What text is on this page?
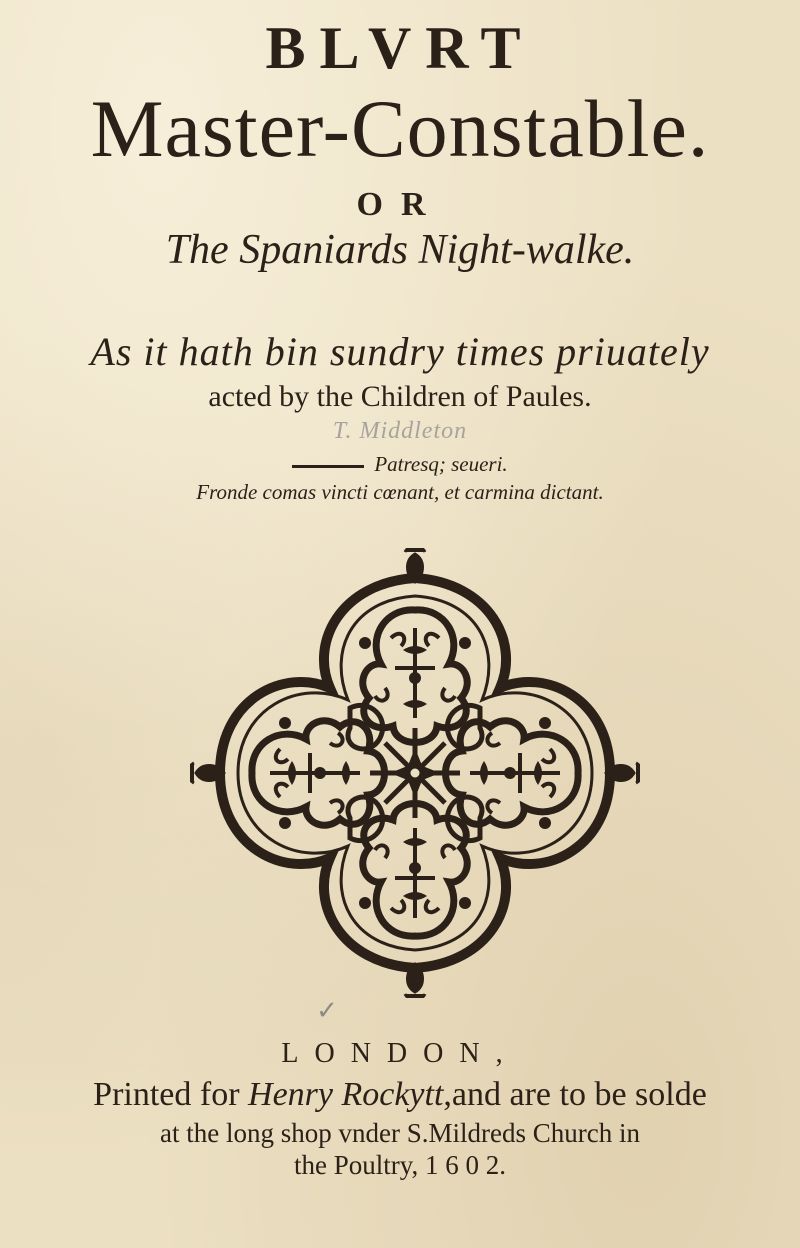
BLVRT
Master-Constable.
OR
The Spaniards Night-walke.
As it hath bin sundry times priuately
acted by the Children of Paules.
T. Middleton
Patresq; seueri.
Fronde comas vincti cœnant, et carmina dictant.
✓
LONDON,
Printed for Henry Rockytt,and are to be solde
at the long shop vnder S.Mildreds Church in
the Poultry, 1 6 0 2.
